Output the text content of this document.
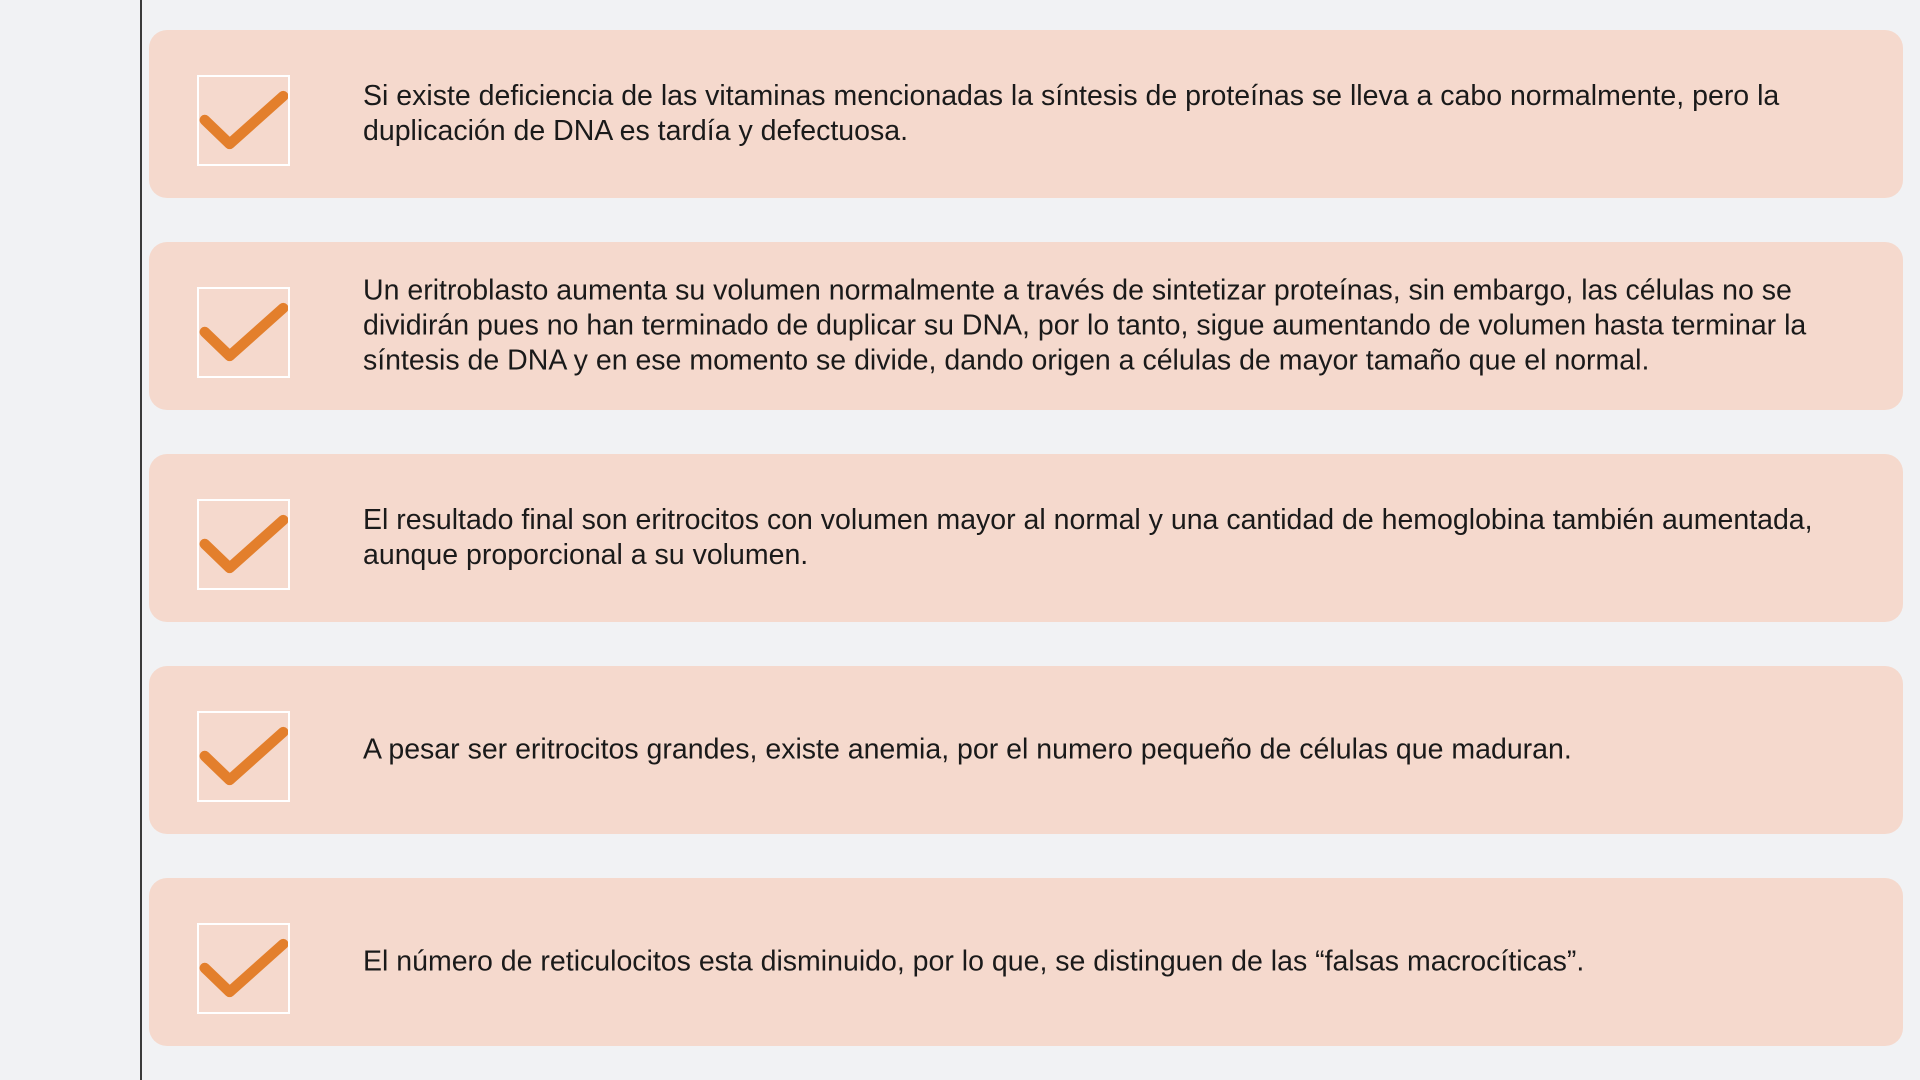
Si existe deficiencia de las vitaminas mencionadas la síntesis de proteínas se lleva a cabo normalmente, pero la duplicación de DNA es tardía y defectuosa.

Un eritroblasto aumenta su volumen normalmente a través de sintetizar proteínas, sin embargo, las células no se dividirán pues no han terminado de duplicar su DNA, por lo tanto, sigue aumentando de volumen hasta terminar la síntesis de DNA y en ese momento se divide, dando origen a células de mayor tamaño que el normal.

El resultado final son eritrocitos con volumen mayor al normal y una cantidad de hemoglobina también aumentada, aunque proporcional a su volumen.

A pesar ser eritrocitos grandes, existe anemia, por el numero pequeño de células que maduran.

El número de reticulocitos esta disminuido, por lo que, se distinguen de las “falsas macrocíticas”.
